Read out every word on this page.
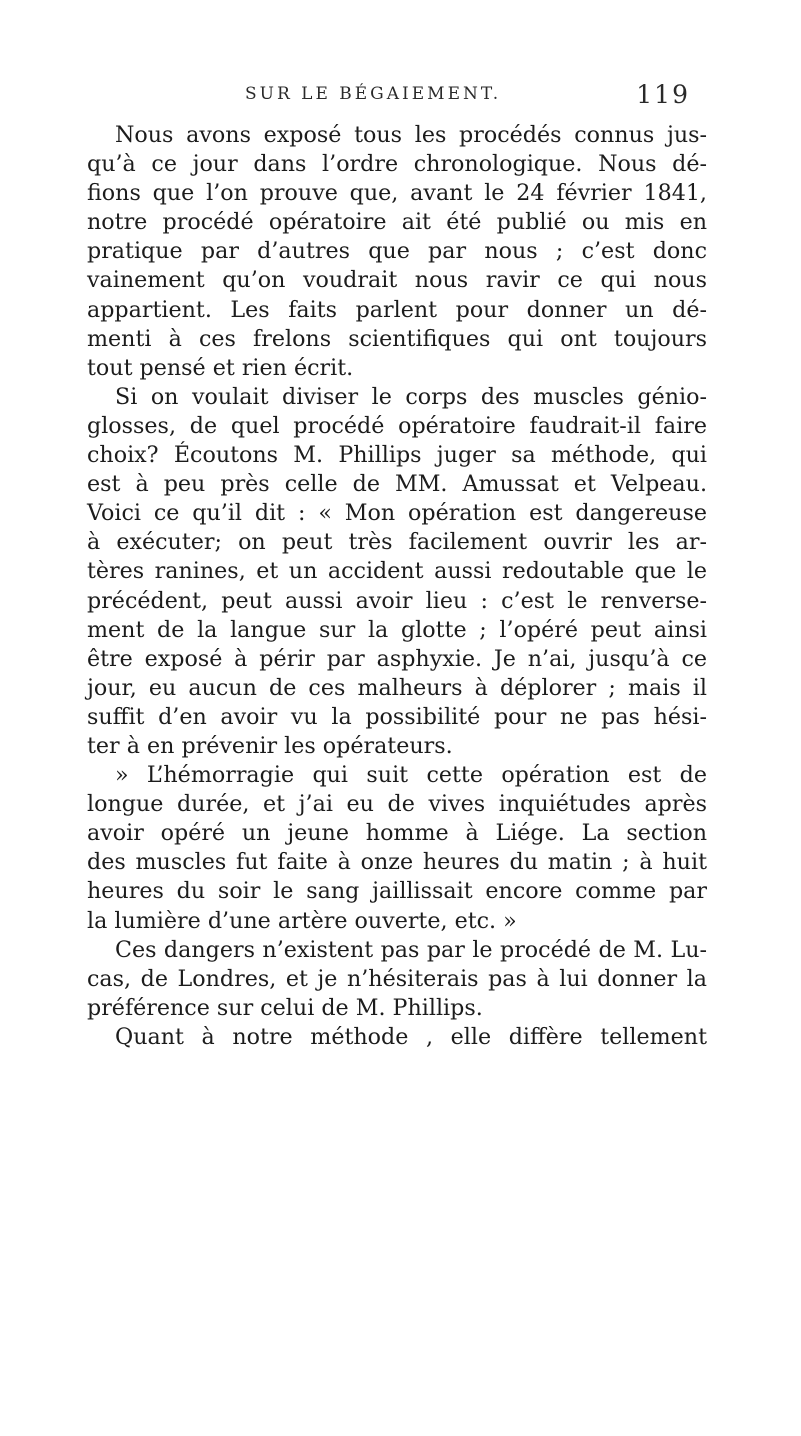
SUR LE BÉGAIEMENT.	119
Nous avons exposé tous les procédés connus jus-
qu’à ce jour dans l’ordre chronologique. Nous dé-
fions que l’on prouve que, avant le 24 février 1841,
notre procédé opératoire ait été publié ou mis en
pratique par d’autres que par nous ; c’est donc
vainement qu’on voudrait nous ravir ce qui nous
appartient. Les faits parlent pour donner un dé-
menti à ces frelons scientifiques qui ont toujours
tout pensé et rien écrit.
Si on voulait diviser le corps des muscles génio-
glosses, de quel procédé opératoire faudrait-il faire
choix? Écoutons M. Phillips juger sa méthode, qui
est à peu près celle de MM. Amussat et Velpeau.
Voici ce qu’il dit : « Mon opération est dangereuse
à exécuter; on peut très facilement ouvrir les ar-
tères ranines, et un accident aussi redoutable que le
précédent, peut aussi avoir lieu : c’est le renverse-
ment de la langue sur la glotte ; l’opéré peut ainsi
être exposé à périr par asphyxie. Je n’ai, jusqu’à ce
jour, eu aucun de ces malheurs à déplorer ; mais il
suffit d’en avoir vu la possibilité pour ne pas hési-
ter à en prévenir les opérateurs.
» L’hémorragie qui suit cette opération est de
longue durée, et j’ai eu de vives inquiétudes après
avoir opéré un jeune homme à Liége. La section
des muscles fut faite à onze heures du matin ; à huit
heures du soir le sang jaillissait encore comme par
la lumière d’une artère ouverte, etc. »
Ces dangers n’existent pas par le procédé de M. Lu-
cas, de Londres, et je n’hésiterais pas à lui donner la
préférence sur celui de M. Phillips.
Quant à notre méthode , elle diffère tellement
